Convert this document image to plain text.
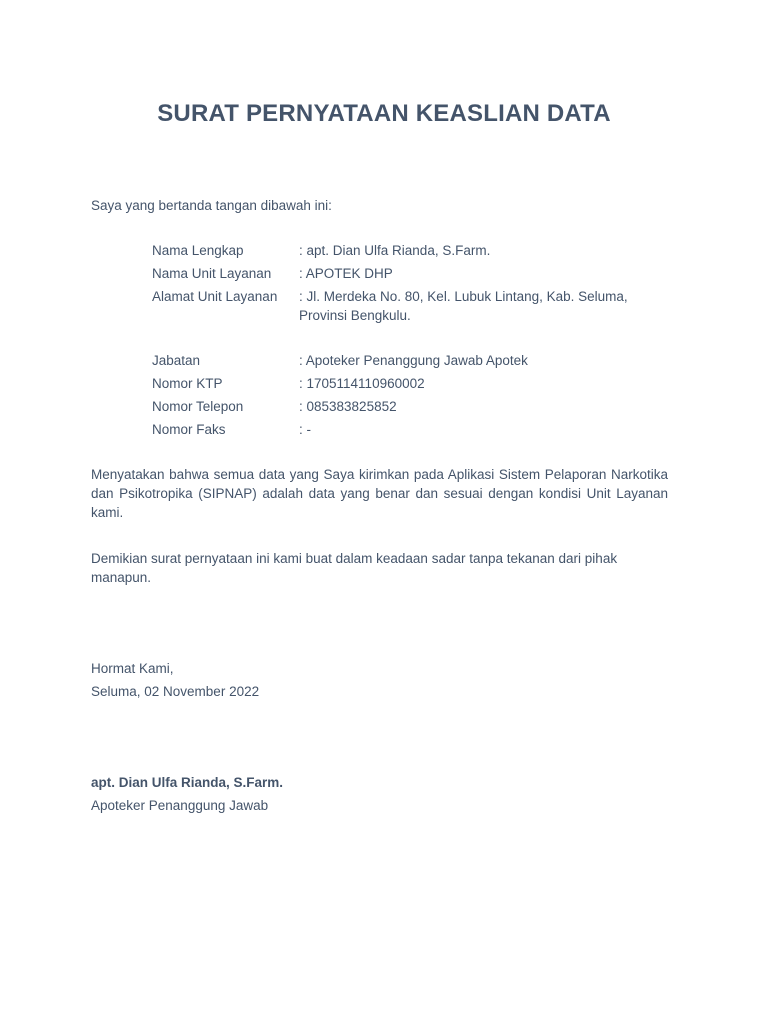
SURAT PERNYATAAN KEASLIAN DATA
Saya yang bertanda tangan dibawah ini:
Nama Lengkap	: apt. Dian Ulfa Rianda, S.Farm.
Nama Unit Layanan : APOTEK DHP
Alamat Unit Layanan : Jl. Merdeka No. 80, Kel. Lubuk Lintang, Kab. Seluma,
Provinsi Bengkulu.
Jabatan	: Apoteker Penanggung Jawab Apotek
Nomor KTP	: 1705114110960002
Nomor Telepon	: 085383825852
Nomor Faks	: -
Menyatakan bahwa semua data yang Saya kirimkan pada Aplikasi Sistem Pelaporan Narkotika dan Psikotropika (SIPNAP) adalah data yang benar dan sesuai dengan kondisi Unit Layanan kami.
Demikian surat pernyataan ini kami buat dalam keadaan sadar tanpa tekanan dari pihak manapun.
Hormat Kami,
Seluma, 02 November 2022
apt. Dian Ulfa Rianda, S.Farm.
Apoteker Penanggung Jawab
